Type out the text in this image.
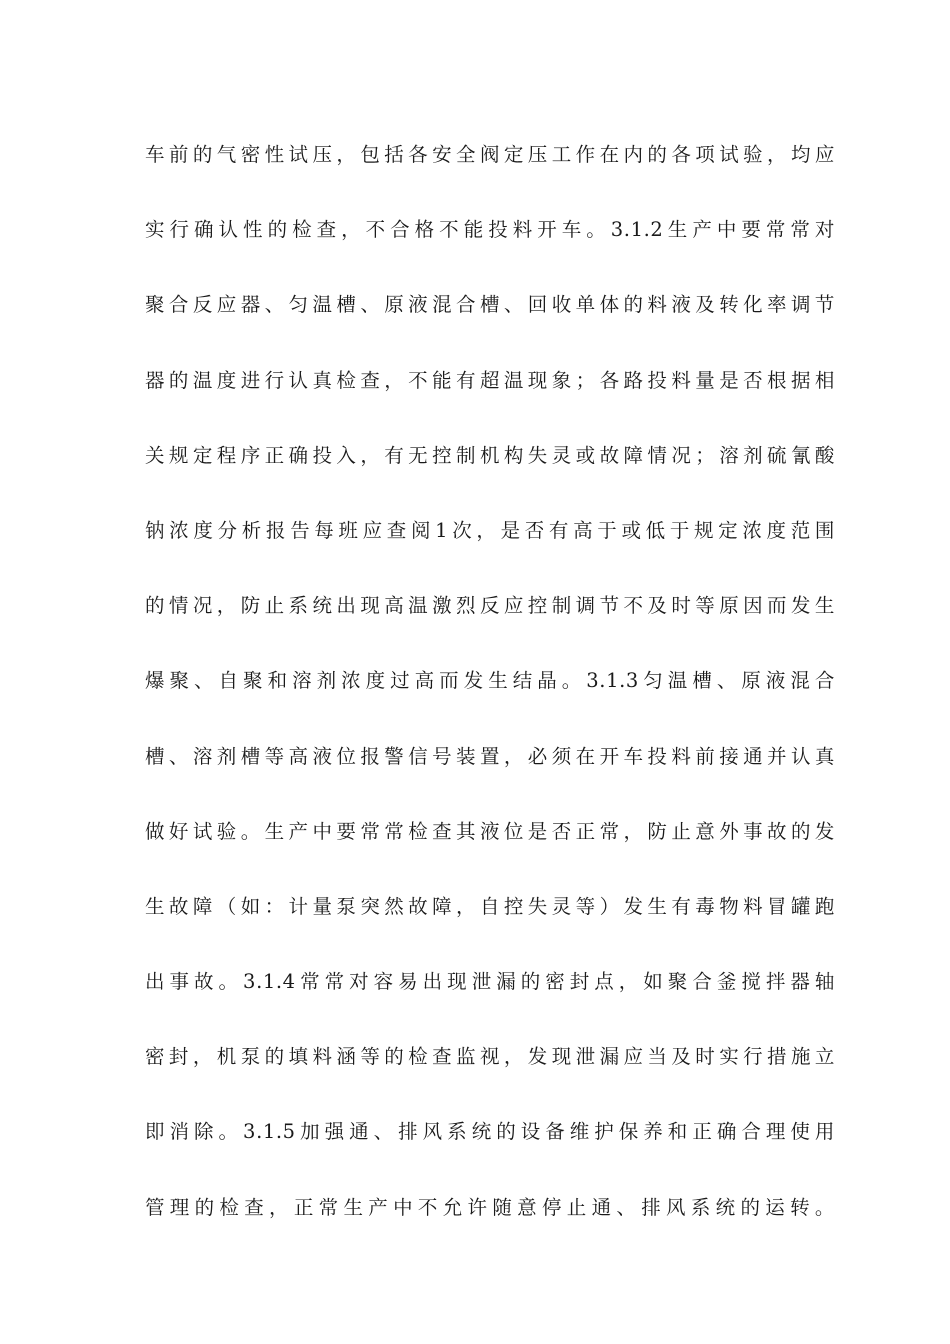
车前的气密性试压，包括各安全阀定压工作在内的各项试验，均应
实行确认性的检查，不合格不能投料开车。3.1.2生产中要常常对
聚合反应器、匀温槽、原液混合槽、回收单体的料液及转化率调节
器的温度进行认真检查，不能有超温现象；各路投料量是否根据相
关规定程序正确投入，有无控制机构失灵或故障情况；溶剂硫氰酸
钠浓度分析报告每班应查阅1次，是否有高于或低于规定浓度范围
的情况，防止系统出现高温激烈反应控制调节不及时等原因而发生
爆聚、自聚和溶剂浓度过高而发生结晶。3.1.3匀温槽、原液混合
槽、溶剂槽等高液位报警信号装置，必须在开车投料前接通并认真
做好试验。生产中要常常检查其液位是否正常，防止意外事故的发
生故障（如：计量泵突然故障，自控失灵等）发生有毒物料冒罐跑
出事故。3.1.4常常对容易出现泄漏的密封点，如聚合釜搅拌器轴
密封，机泵的填料涵等的检查监视，发现泄漏应当及时实行措施立
即消除。3.1.5加强通、排风系统的设备维护保养和正确合理使用
管理的检查，正常生产中不允许随意停止通、排风系统的运转。
